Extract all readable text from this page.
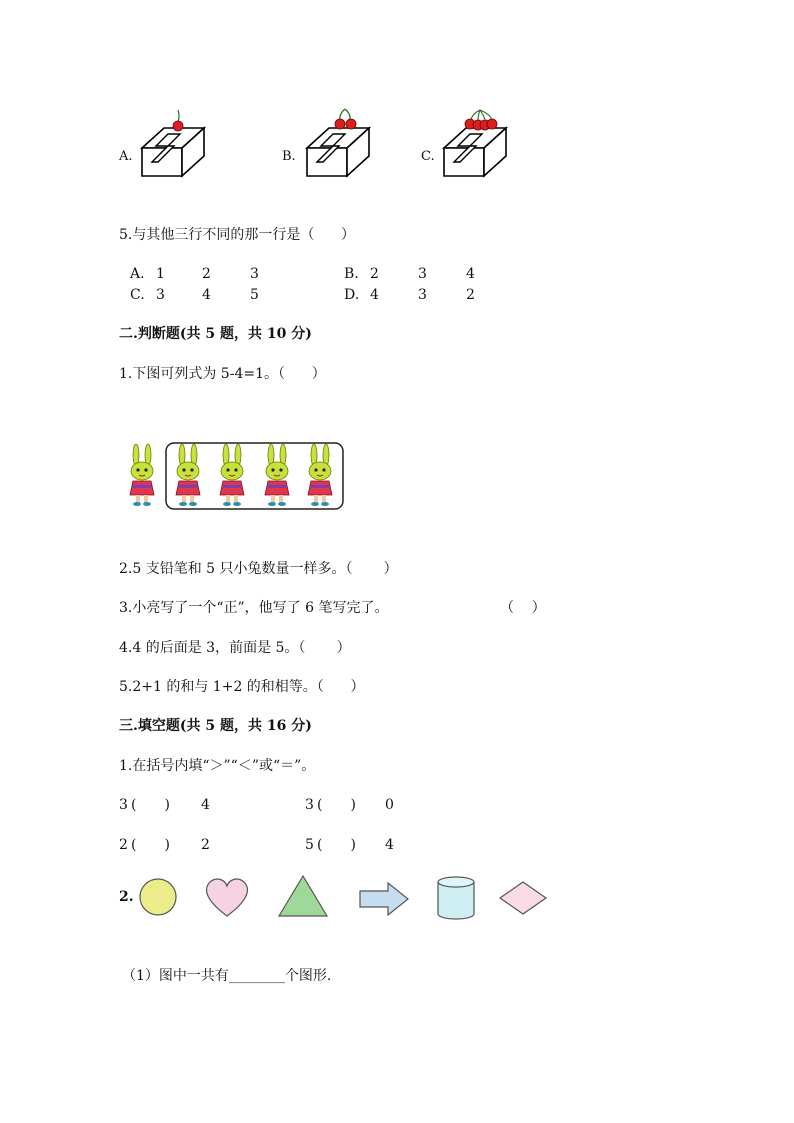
A.	B.	C.
5.与其他三行不同的那一行是（      ）
A. 1	2	3	B. 2	3	4
C. 3	4	5	D. 4	3	2
二.判断题(共 5 题，共 10 分)
1.下图可列式为 5-4=1。（      ）
2.5 支铅笔和 5 只小兔数量一样多。（       ）
3.小亮写了一个“正”，他写了 6 笔写完了。	（    ）
4.4 的后面是 3，前面是 5。（       ）
5.2+1 的和与 1+2 的和相等。（      ）
三.填空题(共 5 题，共 16 分)
1.在括号内填“＞”“＜”或“＝”。
3 (  ) 4	3 (  ) 0
2 (  ) 2	5 (  ) 4
2.
（1）图中一共有________个图形.
